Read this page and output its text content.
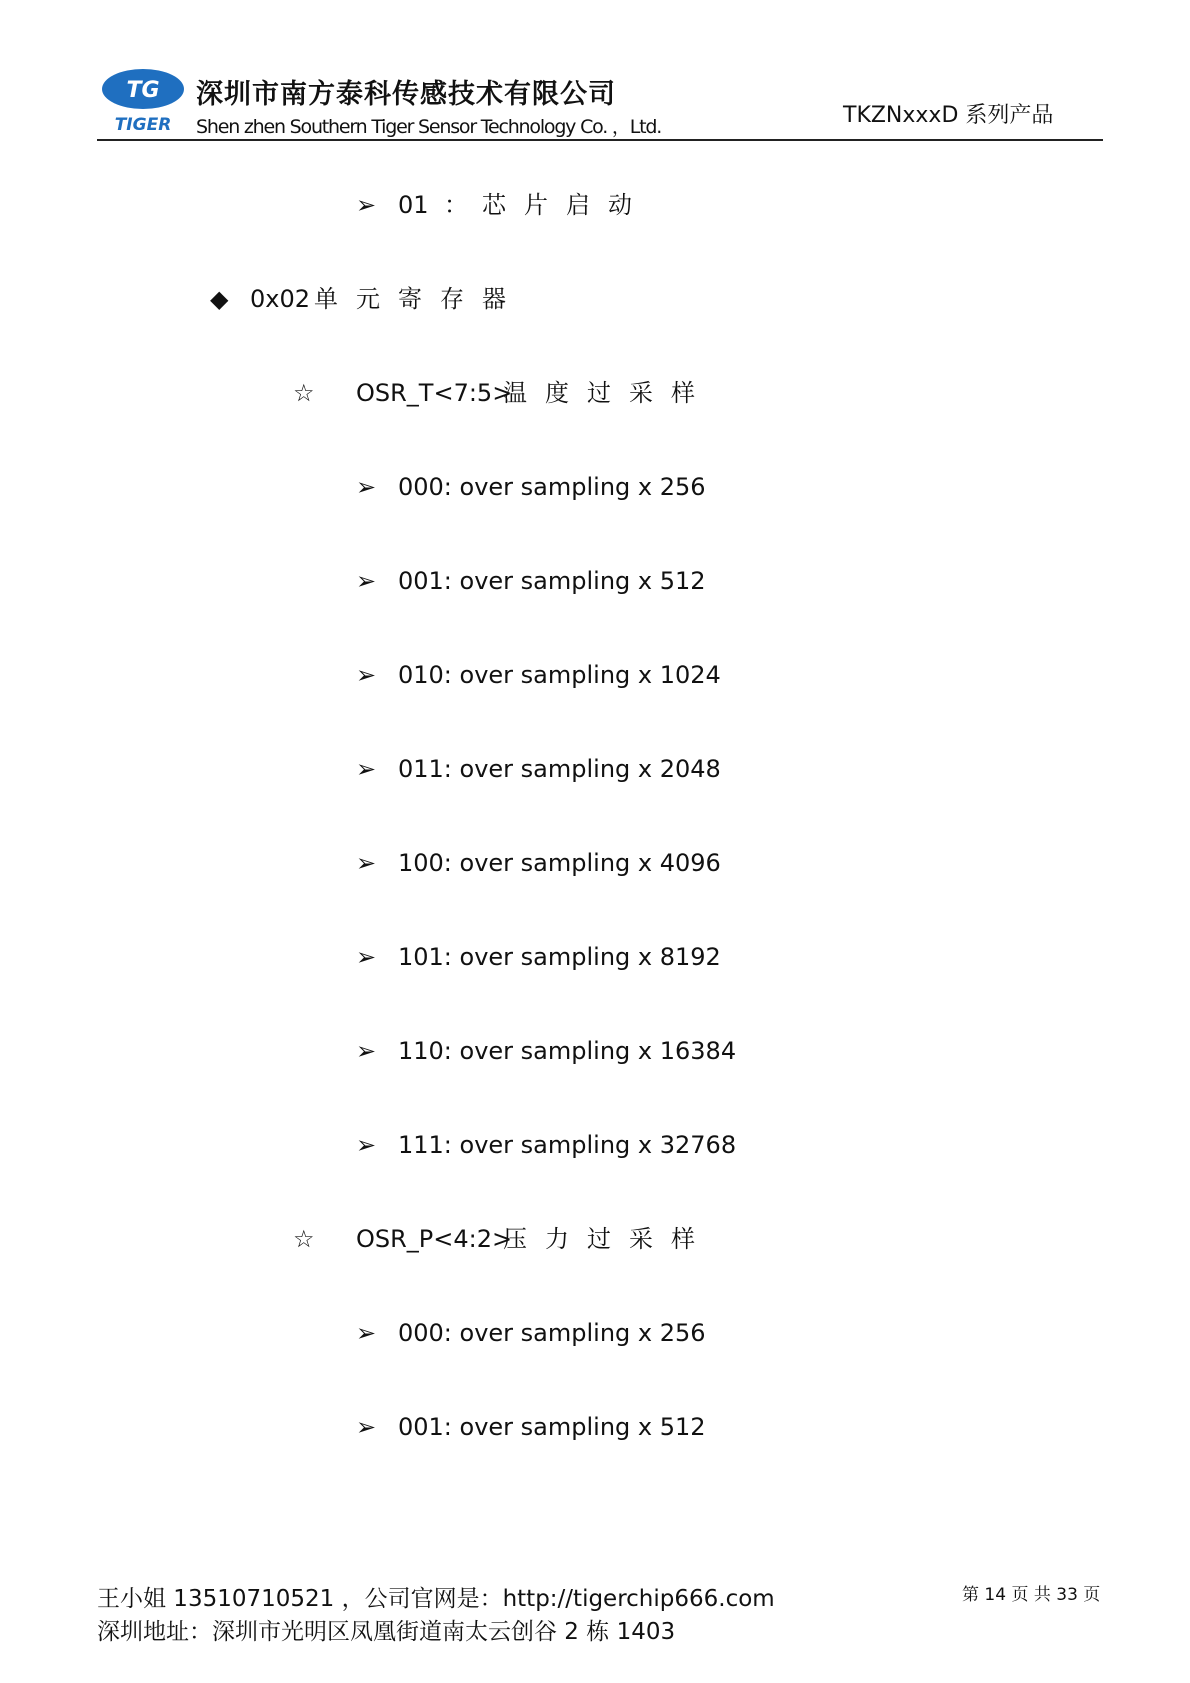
TG
TIGER
深圳市南方泰科传感技术有限公司
Shen zhen Southern Tiger Sensor Technology Co. ，Ltd.	TKZNxxxD 系列产品
➢ 01 ： 芯片启动
◆ 0x02 单元寄存器
☆ OSR_T<7:5>
温度过采样
➢ 000: over sampling x 256
➢ 001: over sampling x 512
➢ 010: over sampling x 1024
➢ 011: over sampling x 2048
➢ 100: over sampling x 4096
➢ 101: over sampling x 8192
➢ 110: over sampling x 16384
➢ 111: over sampling x 32768
☆ OSR_P<4:2>
压力过采样
➢ 000: over sampling x 256
➢ 001: over sampling x 512
王小姐 13510710521 ，公司官网是：http://tigerchip666.com
深圳地址：深圳市光明区凤凰街道南太云创谷 2 栋 1403
第 14 页 共 33 页
